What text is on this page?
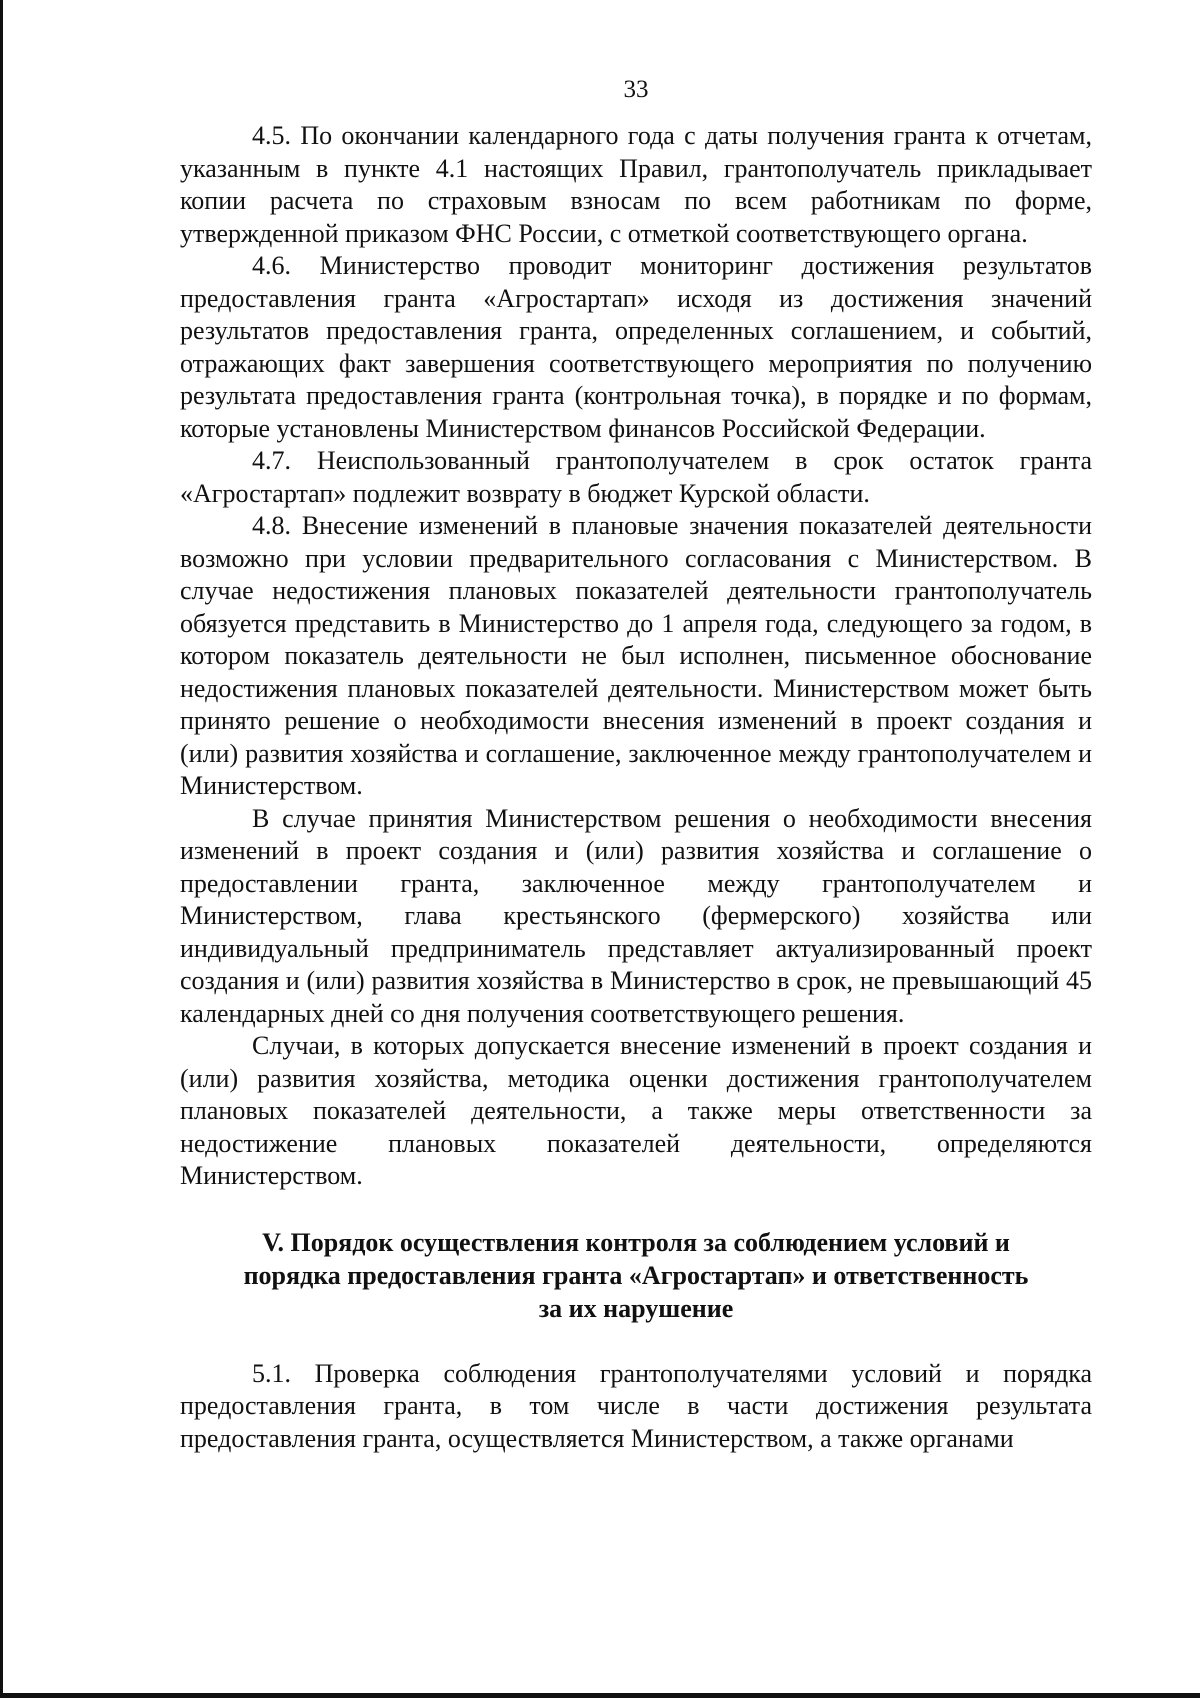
33

4.5. По окончании календарного года с даты получения гранта к отчетам, указанным в пункте 4.1 настоящих Правил, грантополучатель прикладывает копии расчета по страховым взносам по всем работникам по форме, утвержденной приказом ФНС России, с отметкой соответствующего органа.

4.6. Министерство проводит мониторинг достижения результатов предоставления гранта «Агростартап» исходя из достижения значений результатов предоставления гранта, определенных соглашением, и событий, отражающих факт завершения соответствующего мероприятия по получению результата предоставления гранта (контрольная точка), в порядке и по формам, которые установлены Министерством финансов Российской Федерации.

4.7. Неиспользованный грантополучателем в срок остаток гранта «Агростартап» подлежит возврату в бюджет Курской области.

4.8. Внесение изменений в плановые значения показателей деятельности возможно при условии предварительного согласования с Министерством. В случае недостижения плановых показателей деятельности грантополучатель обязуется представить в Министерство до 1 апреля года, следующего за годом, в котором показатель деятельности не был исполнен, письменное обоснование недостижения плановых показателей деятельности. Министерством может быть принято решение о необходимости внесения изменений в проект создания и (или) развития хозяйства и соглашение, заключенное между грантополучателем и Министерством.

В случае принятия Министерством решения о необходимости внесения изменений в проект создания и (или) развития хозяйства и соглашение о предоставлении гранта, заключенное между грантополучателем и Министерством, глава крестьянского (фермерского) хозяйства или индивидуальный предприниматель представляет актуализированный проект создания и (или) развития хозяйства в Министерство в срок, не превышающий 45 календарных дней со дня получения соответствующего решения.

Случаи, в которых допускается внесение изменений в проект создания и (или) развития хозяйства, методика оценки достижения грантополучателем плановых показателей деятельности, а также меры ответственности за недостижение плановых показателей деятельности, определяются Министерством.

V. Порядок осуществления контроля за соблюдением условий и
порядка предоставления гранта «Агростартап» и ответственность
за их нарушение

5.1. Проверка соблюдения грантополучателями условий и порядка предоставления гранта, в том числе в части достижения результата предоставления гранта, осуществляется Министерством, а также органами
